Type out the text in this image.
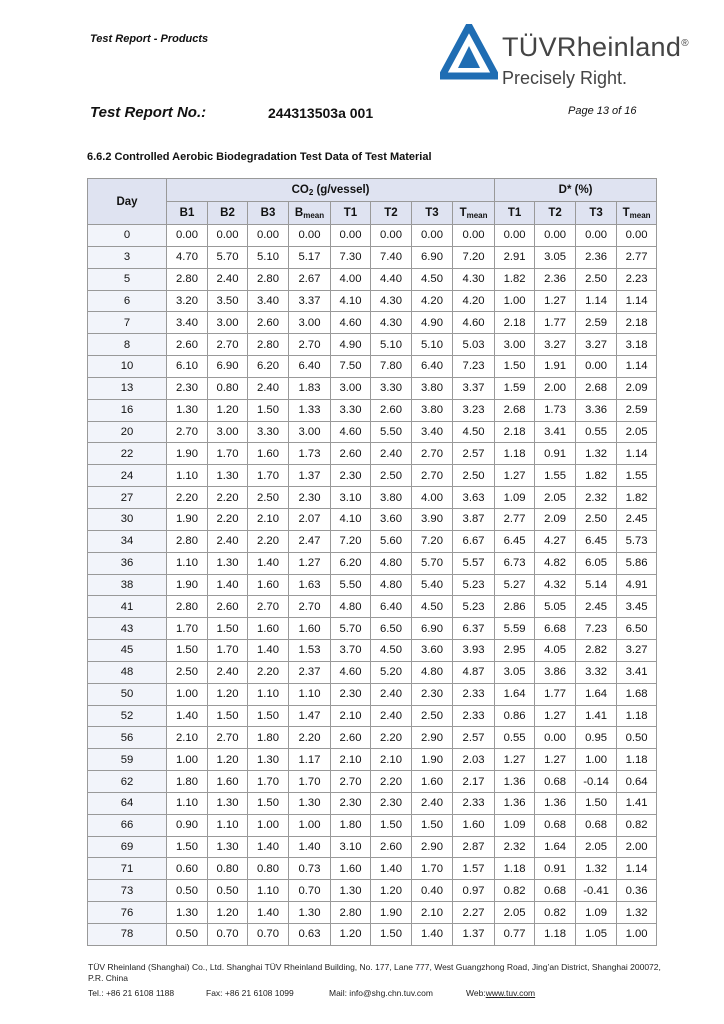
Test Report - Products	TÜVRheinland®
Precisely Right.
Test Report No.:	244313503a 001	Page 13 of 16
6.6.2 Controlled Aerobic Biodegradation Test Data of Test Material
Day	$CO_2$ (g/vessel)								D* (%)			
	B1	B2	B3	$B_{mean}$	T1	T2	T3	$T_{mean}$	T1	T2	T3	$T_{mean}$
0	0.00	0.00	0.00	0.00	0.00	0.00	0.00	0.00	0.00	0.00	0.00	0.00
3	4.70	5.70	5.10	5.17	7.30	7.40	6.90	7.20	2.91	3.05	2.36	2.77
5	2.80	2.40	2.80	2.67	4.00	4.40	4.50	4.30	1.82	2.36	2.50	2.23
6	3.20	3.50	3.40	3.37	4.10	4.30	4.20	4.20	1.00	1.27	1.14	1.14
7	3.40	3.00	2.60	3.00	4.60	4.30	4.90	4.60	2.18	1.77	2.59	2.18
8	2.60	2.70	2.80	2.70	4.90	5.10	5.10	5.03	3.00	3.27	3.27	3.18
10	6.10	6.90	6.20	6.40	7.50	7.80	6.40	7.23	1.50	1.91	0.00	1.14
13	2.30	0.80	2.40	1.83	3.00	3.30	3.80	3.37	1.59	2.00	2.68	2.09
16	1.30	1.20	1.50	1.33	3.30	2.60	3.80	3.23	2.68	1.73	3.36	2.59
20	2.70	3.00	3.30	3.00	4.60	5.50	3.40	4.50	2.18	3.41	0.55	2.05
22	1.90	1.70	1.60	1.73	2.60	2.40	2.70	2.57	1.18	0.91	1.32	1.14
24	1.10	1.30	1.70	1.37	2.30	2.50	2.70	2.50	1.27	1.55	1.82	1.55
27	2.20	2.20	2.50	2.30	3.10	3.80	4.00	3.63	1.09	2.05	2.32	1.82
30	1.90	2.20	2.10	2.07	4.10	3.60	3.90	3.87	2.77	2.09	2.50	2.45
34	2.80	2.40	2.20	2.47	7.20	5.60	7.20	6.67	6.45	4.27	6.45	5.73
36	1.10	1.30	1.40	1.27	6.20	4.80	5.70	5.57	6.73	4.82	6.05	5.86
38	1.90	1.40	1.60	1.63	5.50	4.80	5.40	5.23	5.27	4.32	5.14	4.91
41	2.80	2.60	2.70	2.70	4.80	6.40	4.50	5.23	2.86	5.05	2.45	3.45
43	1.70	1.50	1.60	1.60	5.70	6.50	6.90	6.37	5.59	6.68	7.23	6.50
45	1.50	1.70	1.40	1.53	3.70	4.50	3.60	3.93	2.95	4.05	2.82	3.27
48	2.50	2.40	2.20	2.37	4.60	5.20	4.80	4.87	3.05	3.86	3.32	3.41
50	1.00	1.20	1.10	1.10	2.30	2.40	2.30	2.33	1.64	1.77	1.64	1.68
52	1.40	1.50	1.50	1.47	2.10	2.40	2.50	2.33	0.86	1.27	1.41	1.18
56	2.10	2.70	1.80	2.20	2.60	2.20	2.90	2.57	0.55	0.00	0.95	0.50
59	1.00	1.20	1.30	1.17	2.10	2.10	1.90	2.03	1.27	1.27	1.00	1.18
62	1.80	1.60	1.70	1.70	2.70	2.20	1.60	2.17	1.36	0.68	-0.14	0.64
64	1.10	1.30	1.50	1.30	2.30	2.30	2.40	2.33	1.36	1.36	1.50	1.41
66	0.90	1.10	1.00	1.00	1.80	1.50	1.50	1.60	1.09	0.68	0.68	0.82
69	1.50	1.30	1.40	1.40	3.10	2.60	2.90	2.87	2.32	1.64	2.05	2.00
71	0.60	0.80	0.80	0.73	1.60	1.40	1.70	1.57	1.18	0.91	1.32	1.14
73	0.50	0.50	1.10	0.70	1.30	1.20	0.40	0.97	0.82	0.68	-0.41	0.36
76	1.30	1.20	1.40	1.30	2.80	1.90	2.10	2.27	2.05	0.82	1.09	1.32
78	0.50	0.70	0.70	0.63	1.20	1.50	1.40	1.37	0.77	1.18	1.05	1.00
TÜV Rheinland (Shanghai) Co., Ltd. Shanghai TÜV Rheinland Building, No. 177, Lane 777, West Guangzhong Road, Jing’an District, Shanghai 200072, P.R. China
Tel.: +86 21 6108 1188	Fax: +86 21 6108 1099	Mail: info@shg.chn.tuv.com	Web:www.tuv.com
